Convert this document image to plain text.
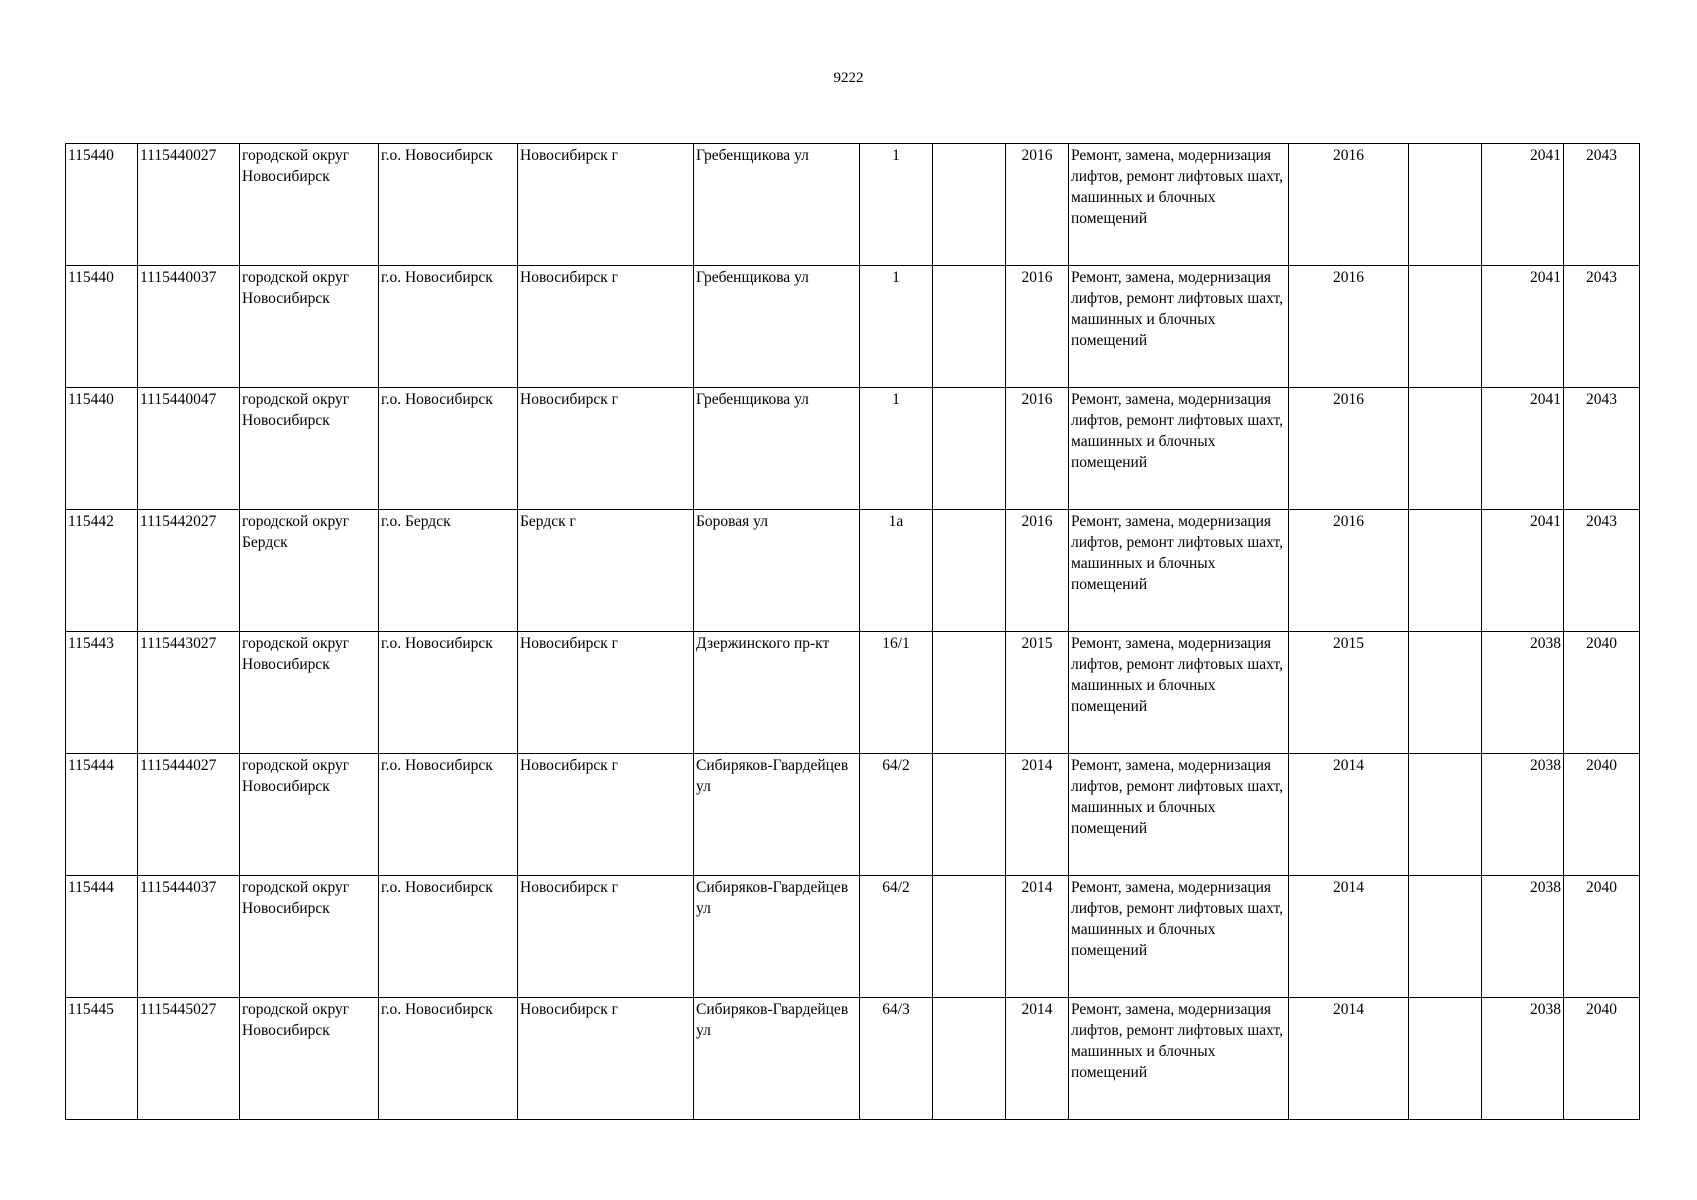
9222
115440	1115440027	городской округ Новосибирск	г.о. Новосибирск	Новосибирск г	Гребенщикова ул	1		2016	Ремонт, замена, модернизация лифтов, ремонт лифтовых шахт, машинных и блочных помещений	2016		2041	2043
115440	1115440037	городской округ Новосибирск	г.о. Новосибирск	Новосибирск г	Гребенщикова ул	1		2016	Ремонт, замена, модернизация лифтов, ремонт лифтовых шахт, машинных и блочных помещений	2016		2041	2043
115440	1115440047	городской округ Новосибирск	г.о. Новосибирск	Новосибирск г	Гребенщикова ул	1		2016	Ремонт, замена, модернизация лифтов, ремонт лифтовых шахт, машинных и блочных помещений	2016		2041	2043
115442	1115442027	городской округ Бердск	г.о. Бердск	Бердск г	Боровая ул	1а		2016	Ремонт, замена, модернизация лифтов, ремонт лифтовых шахт, машинных и блочных помещений	2016		2041	2043
115443	1115443027	городской округ Новосибирск	г.о. Новосибирск	Новосибирск г	Дзержинского пр-кт	16/1		2015	Ремонт, замена, модернизация лифтов, ремонт лифтовых шахт, машинных и блочных помещений	2015		2038	2040
115444	1115444027	городской округ Новосибирск	г.о. Новосибирск	Новосибирск г	Сибиряков-Гвардейцев ул	64/2		2014	Ремонт, замена, модернизация лифтов, ремонт лифтовых шахт, машинных и блочных помещений	2014		2038	2040
115444	1115444037	городской округ Новосибирск	г.о. Новосибирск	Новосибирск г	Сибиряков-Гвардейцев ул	64/2		2014	Ремонт, замена, модернизация лифтов, ремонт лифтовых шахт, машинных и блочных помещений	2014		2038	2040
115445	1115445027	городской округ Новосибирск	г.о. Новосибирск	Новосибирск г	Сибиряков-Гвардейцев ул	64/3		2014	Ремонт, замена, модернизация лифтов, ремонт лифтовых шахт, машинных и блочных помещений	2014		2038	2040
